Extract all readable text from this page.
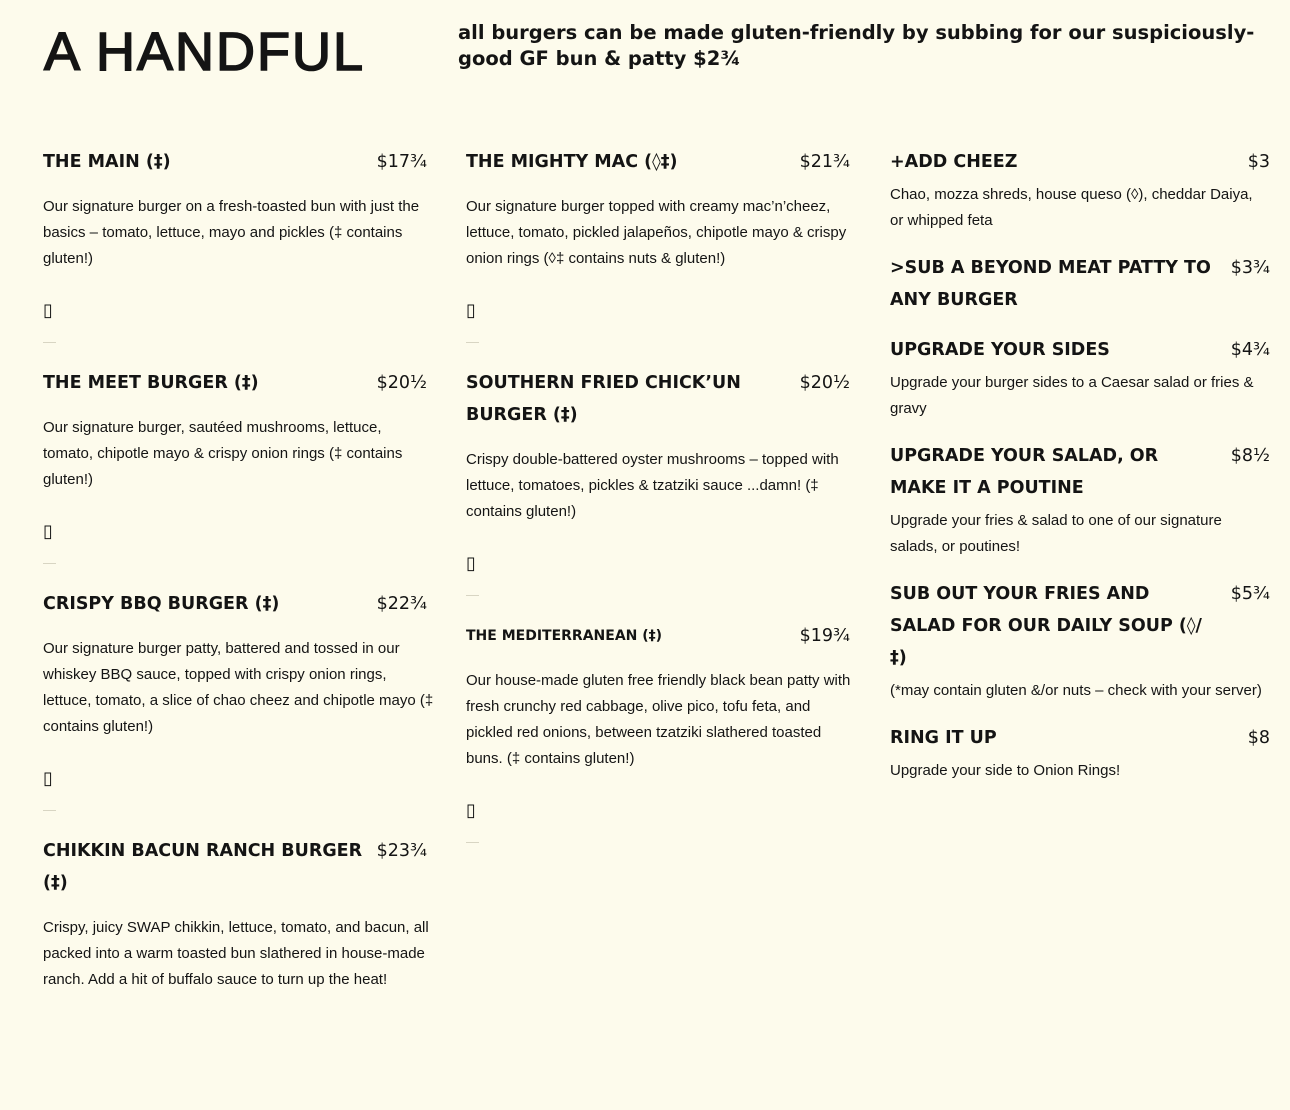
A HANDFUL	all burgers can be made gluten-friendly by subbing for our suspiciously-good GF bun & patty $2¾
THE MAIN (‡)	$17¾
Our signature burger on a fresh-toasted bun with just the basics – tomato, lettuce, mayo and pickles (‡ contains gluten!)
▯
THE MEET BURGER (‡)	$20½
Our signature burger, sautéed mushrooms, lettuce, tomato, chipotle mayo & crispy onion rings (‡ contains gluten!)
▯
CRISPY BBQ BURGER (‡)	$22¾
Our signature burger patty, battered and tossed in our whiskey BBQ sauce, topped with crispy onion rings, lettuce, tomato, a slice of chao cheez and chipotle mayo (‡ contains gluten!)
▯
CHIKKIN BACUN RANCH BURGER (‡)
$23¾
Crispy, juicy SWAP chikkin, lettuce, tomato, and bacun, all packed into a warm toasted bun slathered in house-made ranch. Add a hit of buffalo sauce to turn up the heat!
THE MIGHTY MAC (◊‡)	$21¾
Our signature burger topped with creamy mac’n’cheez, lettuce, tomato, pickled jalapeños, chipotle mayo & crispy onion rings (◊‡ contains nuts & gluten!)
▯
SOUTHERN FRIED CHICK’UN BURGER (‡)
$20½
Crispy double-battered oyster mushrooms – topped with lettuce, tomatoes, pickles & tzatziki sauce ...damn! (‡ contains gluten!)
▯
THE MEDITERRANEAN (‡)	$19¾
Our house-made gluten free friendly black bean patty with fresh crunchy red cabbage, olive pico, tofu feta, and pickled red onions, between tzatziki slathered toasted buns. (‡ contains gluten!)
▯
+ADD CHEEZ	$3
Chao, mozza shreds, house queso (◊), cheddar Daiya, or whipped feta
>SUB A BEYOND MEAT PATTY TO ANY BURGER
$3¾
UPGRADE YOUR SIDES	$4¾
Upgrade your burger sides to a Caesar salad or fries & gravy
UPGRADE YOUR SALAD, OR MAKE IT A POUTINE
$8½
Upgrade your fries & salad to one of our signature salads, or poutines!
SUB OUT YOUR FRIES AND SALAD FOR OUR DAILY SOUP (◊/‡)
$5¾
(*may contain gluten &/or nuts – check with your server)
RING IT UP	$8
Upgrade your side to Onion Rings!
